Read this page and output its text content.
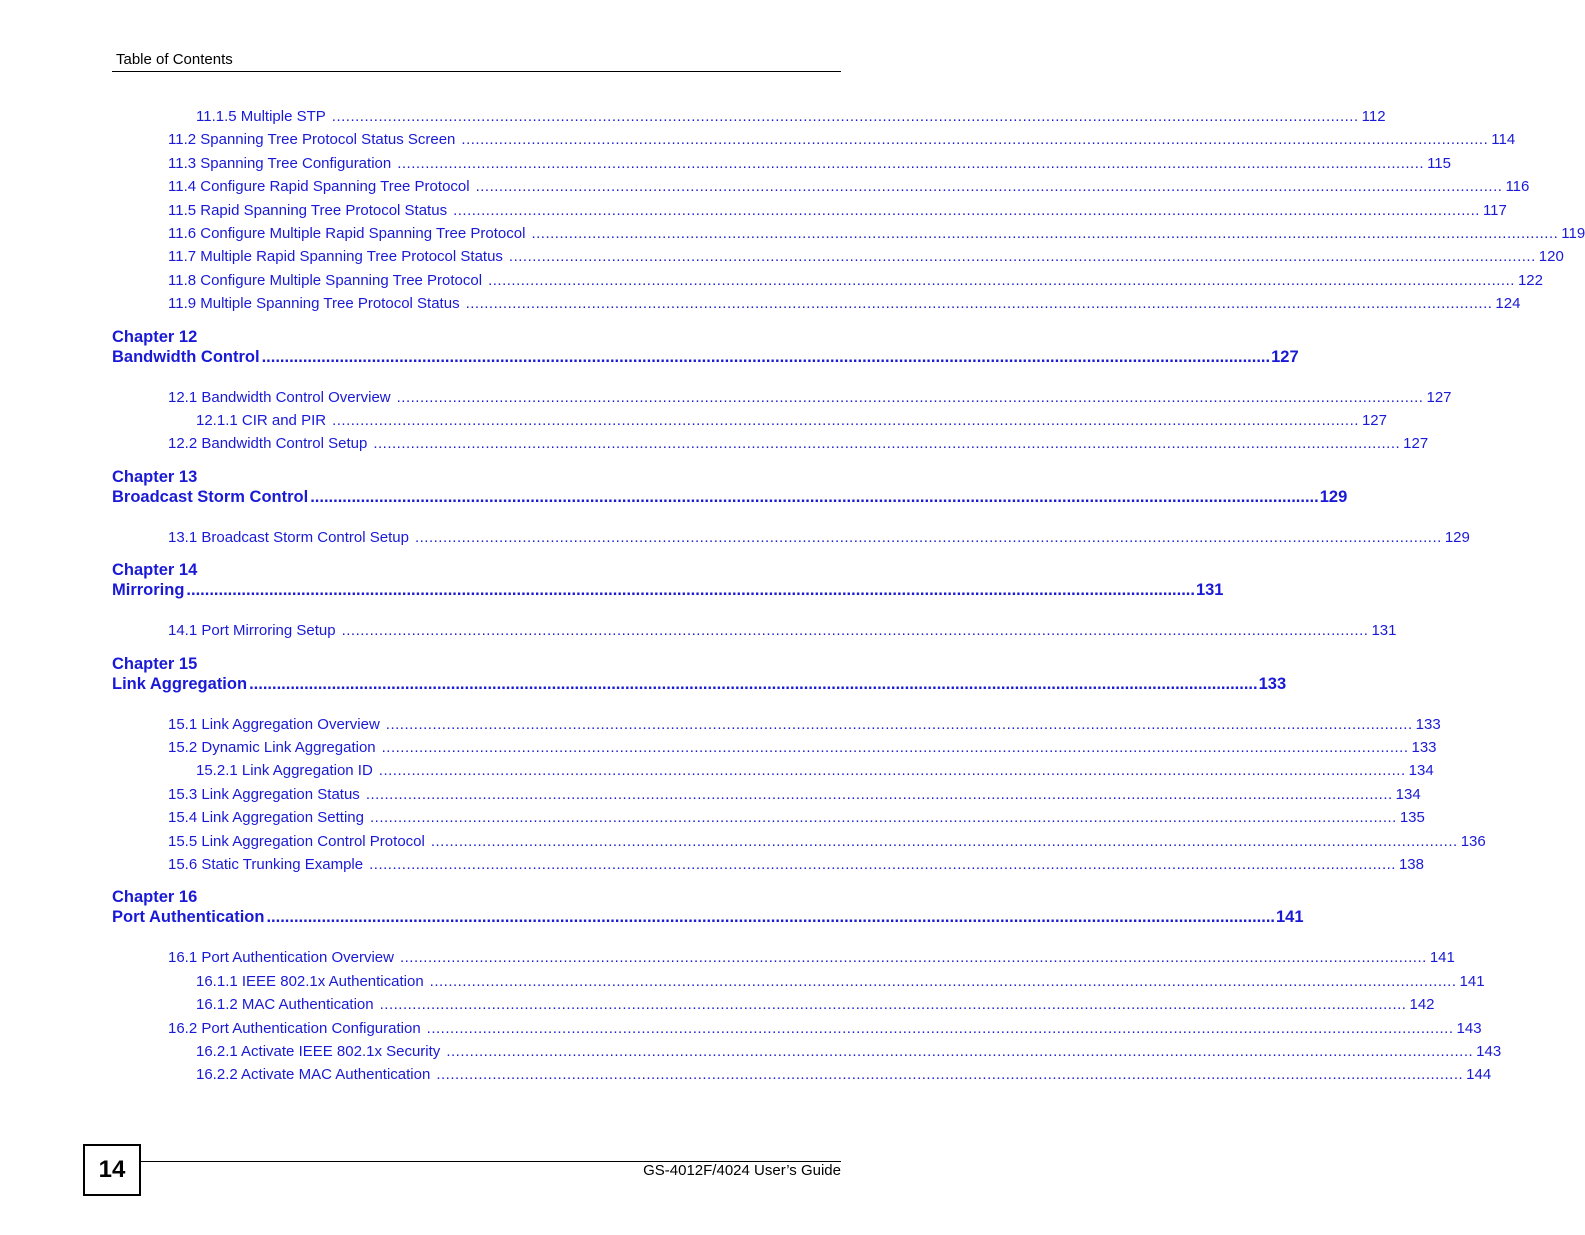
Table of Contents
11.1.5 Multiple STP ............................................................................................................................................................................................................................ 112
11.2 Spanning Tree Protocol Status Screen ............................................................................................................................................................................................................................ 114
11.3 Spanning Tree Configuration ............................................................................................................................................................................................................................ 115
11.4 Configure Rapid Spanning Tree Protocol ............................................................................................................................................................................................................................ 116
11.5 Rapid Spanning Tree Protocol Status ............................................................................................................................................................................................................................ 117
11.6 Configure Multiple Rapid Spanning Tree Protocol ............................................................................................................................................................................................................................ 119
11.7 Multiple Rapid Spanning Tree Protocol Status ............................................................................................................................................................................................................................ 120
11.8 Configure Multiple Spanning Tree Protocol ............................................................................................................................................................................................................................ 122
11.9 Multiple Spanning Tree Protocol Status ............................................................................................................................................................................................................................ 124
Chapter 12
Bandwidth Control ............................................................................................................................................................................................................................ 127
12.1 Bandwidth Control Overview ............................................................................................................................................................................................................................ 127
12.1.1 CIR and PIR ............................................................................................................................................................................................................................ 127
12.2 Bandwidth Control Setup ............................................................................................................................................................................................................................ 127
Chapter 13
Broadcast Storm Control ............................................................................................................................................................................................................................ 129
13.1 Broadcast Storm Control Setup ............................................................................................................................................................................................................................ 129
Chapter 14
Mirroring ............................................................................................................................................................................................................................ 131
14.1 Port Mirroring Setup ............................................................................................................................................................................................................................ 131
Chapter 15
Link Aggregation ............................................................................................................................................................................................................................ 133
15.1 Link Aggregation Overview ............................................................................................................................................................................................................................ 133
15.2 Dynamic Link Aggregation ............................................................................................................................................................................................................................ 133
15.2.1 Link Aggregation ID ............................................................................................................................................................................................................................ 134
15.3 Link Aggregation Status ............................................................................................................................................................................................................................ 134
15.4 Link Aggregation Setting ............................................................................................................................................................................................................................ 135
15.5 Link Aggregation Control Protocol ............................................................................................................................................................................................................................ 136
15.6 Static Trunking Example ............................................................................................................................................................................................................................ 138
Chapter 16
Port Authentication ............................................................................................................................................................................................................................ 141
16.1 Port Authentication Overview ............................................................................................................................................................................................................................ 141
16.1.1 IEEE 802.1x Authentication ............................................................................................................................................................................................................................ 141
16.1.2 MAC Authentication ............................................................................................................................................................................................................................ 142
16.2 Port Authentication Configuration ............................................................................................................................................................................................................................ 143
16.2.1 Activate IEEE 802.1x Security ............................................................................................................................................................................................................................ 143
16.2.2 Activate MAC Authentication ............................................................................................................................................................................................................................ 144
14	GS-4012F/4024 User’s Guide
